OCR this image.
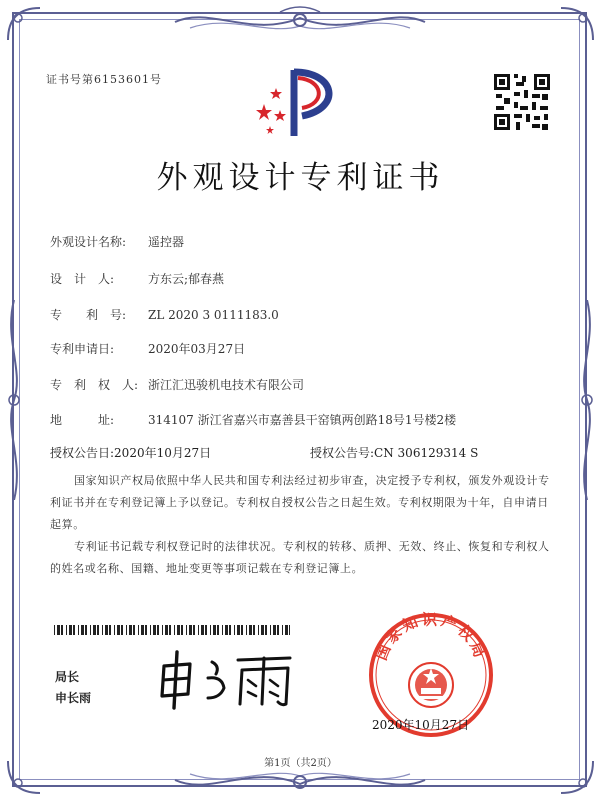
证书号第6153601号
外观设计专利证书
外观设计名称: 遥控器
设　计　人:	方东云;郁春燕
专　　利　号: ZL 2020 3 0111183.0
专利申请日:	2020年03月27日
专　利　权　人: 浙江汇迅骏机电技术有限公司
地　　　址:	314107 浙江省嘉兴市嘉善县干窑镇两创路18号1号楼2楼
授权公告日:2020年10月27日	授权公告号:CN 306129314 S
国家知识产权局依照中华人民共和国专利法经过初步审查，决定授予专利权，颁发外观设计专利证书并在专利登记簿上予以登记。专利权自授权公告之日起生效。专利权期限为十年，自申请日起算。
专利证书记载专利权登记时的法律状况。专利权的转移、质押、无效、终止、恢复和专利权人的姓名或名称、国籍、地址变更等事项记载在专利登记簿上。
局长
申长雨
国家知识产权局
2020年10月27日
第1页（共2页）
